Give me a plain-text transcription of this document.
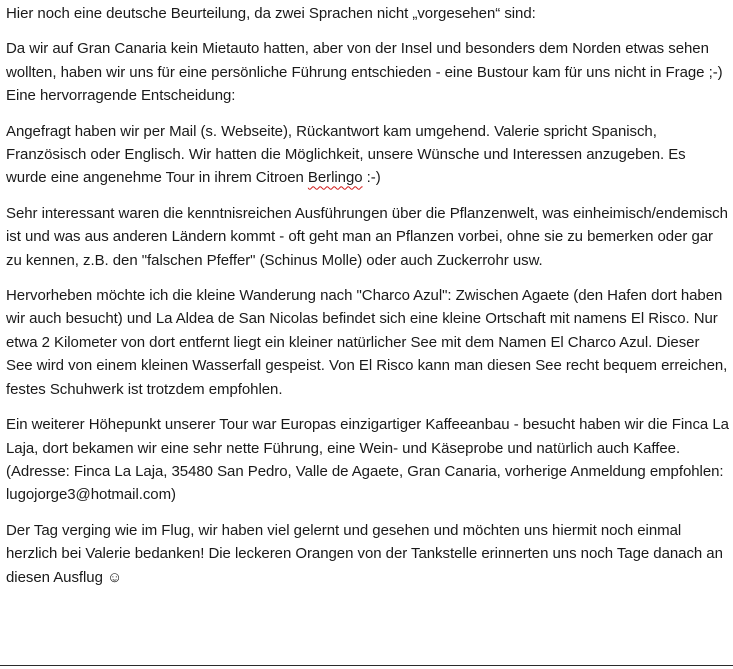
Hier noch eine deutsche Beurteilung, da zwei Sprachen nicht „vorgesehen“ sind:

Da wir auf Gran Canaria kein Mietauto hatten, aber von der Insel und besonders dem Norden etwas sehen wollten, haben wir uns für eine persönliche Führung entschieden - eine Bustour kam für uns nicht in Frage ;-) Eine hervorragende Entscheidung:

Angefragt haben wir per Mail (s. Webseite), Rückantwort kam umgehend. Valerie spricht Spanisch, Französisch oder Englisch. Wir hatten die Möglichkeit, unsere Wünsche und Interessen anzugeben. Es wurde eine angenehme Tour in ihrem Citroen Berlingo :-)

Sehr interessant waren die kenntnisreichen Ausführungen über die Pflanzenwelt, was einheimisch/endemisch ist und was aus anderen Ländern kommt - oft geht man an Pflanzen vorbei, ohne sie zu bemerken oder gar zu kennen, z.B. den "falschen Pfeffer" (Schinus Molle) oder auch Zuckerrohr usw.

Hervorheben möchte ich die kleine Wanderung nach "Charco Azul": Zwischen Agaete (den Hafen dort haben wir auch besucht) und La Aldea de San Nicolas befindet sich eine kleine Ortschaft mit namens El Risco. Nur etwa 2 Kilometer von dort entfernt liegt ein kleiner natürlicher See mit dem Namen El Charco Azul. Dieser See wird von einem kleinen Wasserfall gespeist. Von El Risco kann man diesen See recht bequem erreichen, festes Schuhwerk ist trotzdem empfohlen.

Ein weiterer Höhepunkt unserer Tour war Europas einzigartiger Kaffeeanbau - besucht haben wir die Finca La Laja, dort bekamen wir eine sehr nette Führung, eine Wein- und Käseprobe und natürlich auch Kaffee. (Adresse: Finca La Laja, 35480 San Pedro, Valle de Agaete, Gran Canaria, vorherige Anmeldung empfohlen: lugojorge3@hotmail.com)

Der Tag verging wie im Flug, wir haben viel gelernt und gesehen und möchten uns hiermit noch einmal herzlich bei Valerie bedanken! Die leckeren Orangen von der Tankstelle erinnerten uns noch Tage danach an diesen Ausflug ☺
